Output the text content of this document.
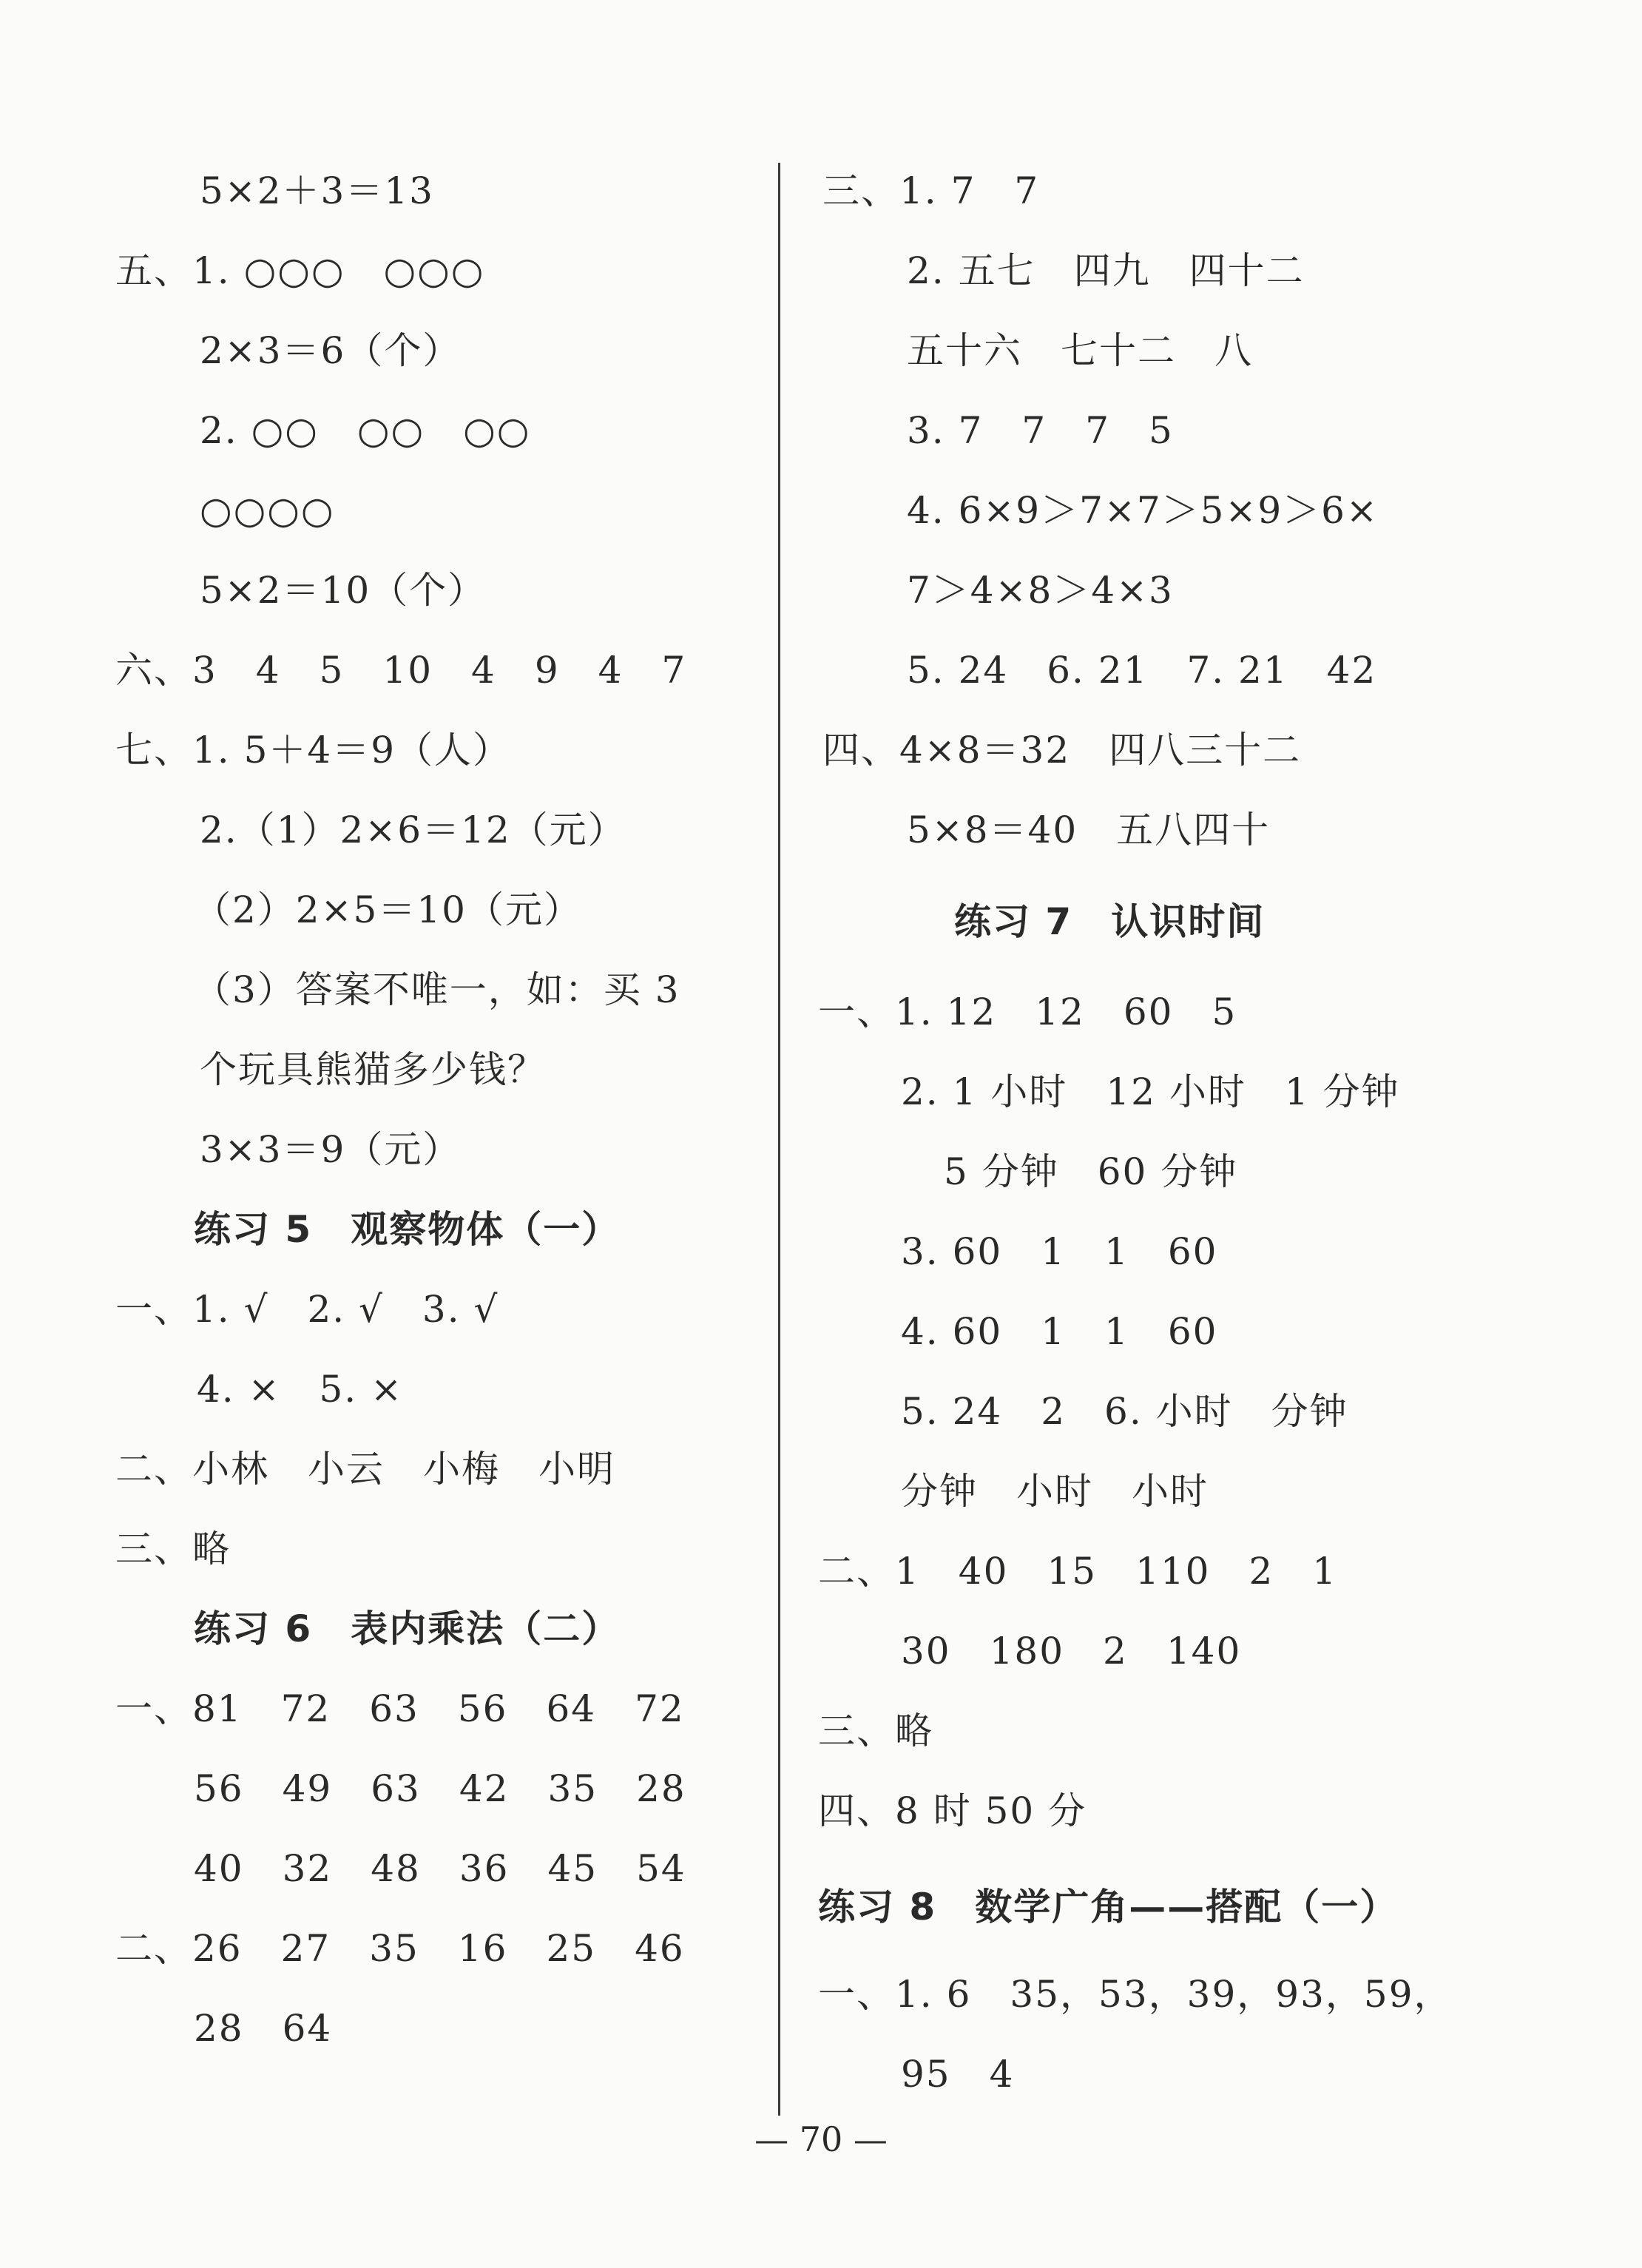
5×2＋3＝13
五、1. ○○○　○○○
2×3＝6（个）
2. ○○　○○　○○
○○○○
5×2＝10（个）
六、3　4　5　10　4　9　4　7
七、1. 5＋4＝9（人）
2.（1）2×6＝12（元）
（2）2×5＝10（元）
（3）答案不唯一，如：买 3
个玩具熊猫多少钱？
3×3＝9（元）
练习 5　观察物体（一）
一、1. √　2. √　3. √
4. ×　5. ×
二、小林　小云　小梅　小明
三、略
练习 6　表内乘法（二）
一、81　72　63　56　64　72
56　49　63　42　35　28
40　32　48　36　45　54
二、26　27　35　16　25　46
28　64
三、1. 7　7
2. 五七　四九　四十二
五十六　七十二　八
3. 7　7　7　5
4. 6×9＞7×7＞5×9＞6×
7＞4×8＞4×3
5. 24　6. 21　7. 21　42
四、4×8＝32　四八三十二
5×8＝40　五八四十
练习 7　认识时间
一、1. 12　12　60　5
2. 1 小时　12 小时　1 分钟
5 分钟　60 分钟
3. 60　1　1　60
4. 60　1　1　60
5. 24　2　6. 小时　分钟
分钟　小时　小时
二、1　40　15　110　2　1
30　180　2　140
三、略
四、8 时 50 分
练习 8　数学广角——搭配（一）
一、1. 6　35，53，39，93，59，
95　4
— 70 —
